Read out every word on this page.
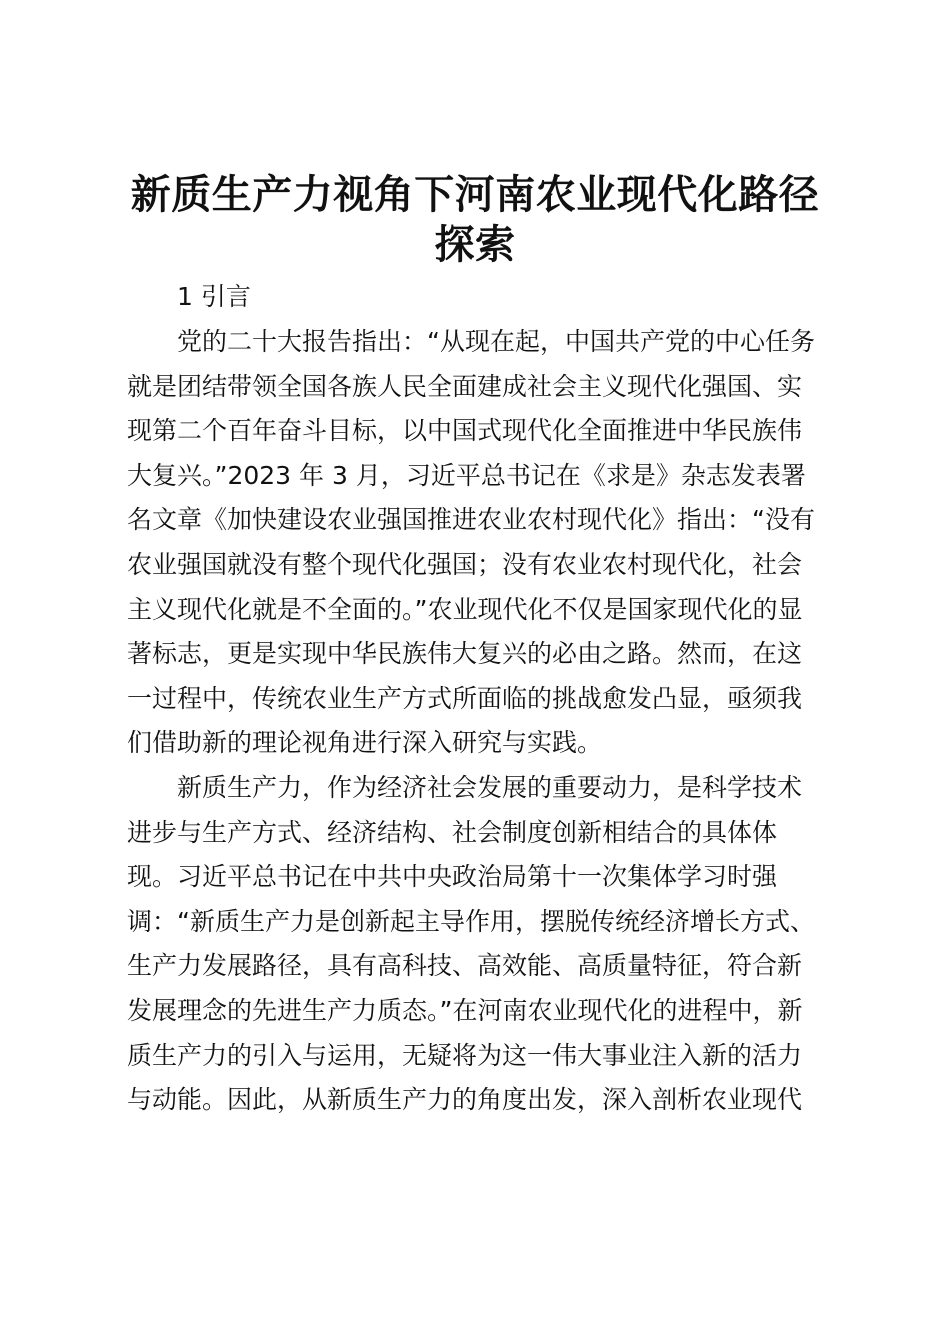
新质生产力视角下河南农业现代化路径
探索
1 引言
党的二十大报告指出：“从现在起，中国共产党的中心任务
就是团结带领全国各族人民全面建成社会主义现代化强国、实
现第二个百年奋斗目标，以中国式现代化全面推进中华民族伟
大复兴。”2023 年 3 月，习近平总书记在《求是》杂志发表署
名文章《加快建设农业强国推进农业农村现代化》指出：“没有
农业强国就没有整个现代化强国；没有农业农村现代化，社会
主义现代化就是不全面的。”农业现代化不仅是国家现代化的显
著标志，更是实现中华民族伟大复兴的必由之路。然而，在这
一过程中，传统农业生产方式所面临的挑战愈发凸显，亟须我
们借助新的理论视角进行深入研究与实践。
新质生产力，作为经济社会发展的重要动力，是科学技术
进步与生产方式、经济结构、社会制度创新相结合的具体体
现。习近平总书记在中共中央政治局第十一次集体学习时强
调：“新质生产力是创新起主导作用，摆脱传统经济增长方式、
生产力发展路径，具有高科技、高效能、高质量特征，符合新
发展理念的先进生产力质态。”在河南农业现代化的进程中，新
质生产力的引入与运用，无疑将为这一伟大事业注入新的活力
与动能。因此，从新质生产力的角度出发，深入剖析农业现代
